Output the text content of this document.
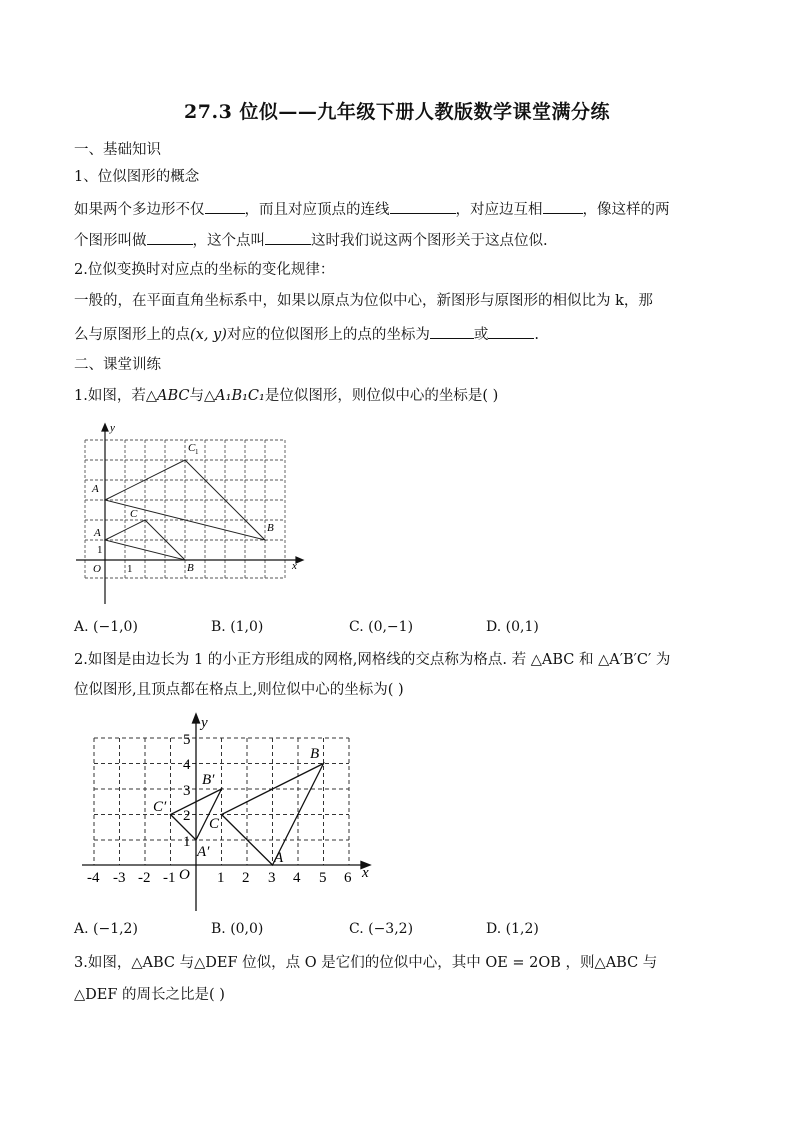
27.3 位似——九年级下册人教版数学课堂满分练
一、基础知识
1、位似图形的概念
如果两个多边形不仅	，而且对应顶点的连线	，对应边互相	，像这样的两
个图形叫做	，这个点叫	这时我们说这两个图形关于这点位似.
2.位似变换时对应点的坐标的变化规律：
一般的，在平面直角坐标系中，如果以原点为位似中心，新图形与原图形的相似比为 k，那
么与原图形上的点(x, y)对应的位似图形上的点的坐标为	或	.
二、课堂训练
1.如图，若△ABC与△A₁B₁C₁是位似图形，则位似中心的坐标是( )
y
x
O 1
1
A
B
C
A
B
C 1
A. (−1,0)	B. (1,0)	C. (0,−1)	D. (0,1)
2.如图是由边长为 1 的小正方形组成的网格,网格线的交点称为格点. 若 △ABC 和 △A′B′C′ 为
位似图形,且顶点都在格点上,则位似中心的坐标为( )
y
x
O
-4 -3 -2 -1	1 2 3 4 5 6
1
2
3
4
5
A
B
C
A′
B′
C′
A. (−1,2)	B. (0,0)	C. (−3,2)	D. (1,2)
3.如图，△ABC 与△DEF 位似，点 O 是它们的位似中心，其中 OE = 2OB ，则△ABC 与
△DEF 的周长之比是( )
